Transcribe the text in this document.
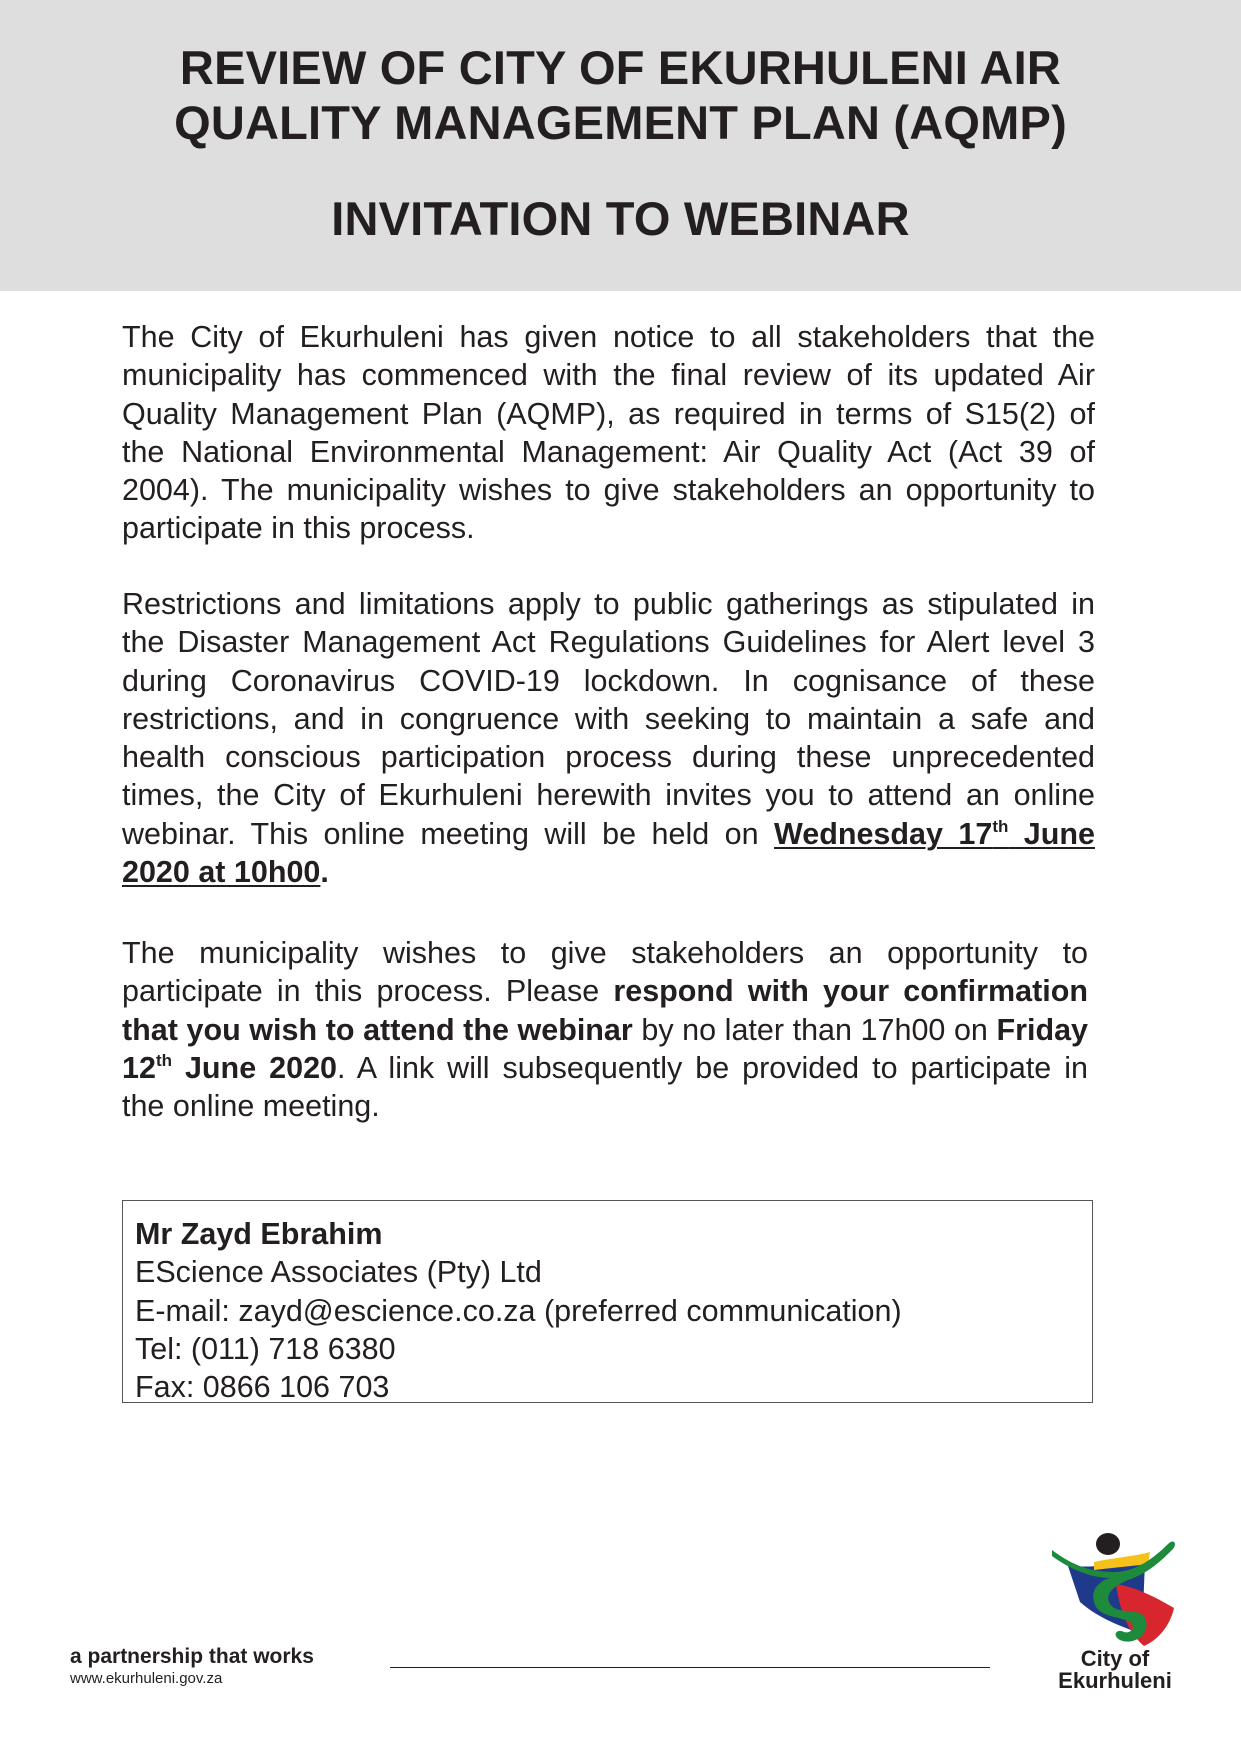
REVIEW OF CITY OF EKURHULENI AIR
QUALITY MANAGEMENT PLAN (AQMP)
INVITATION TO WEBINAR
The City of Ekurhuleni has given notice to all stakeholders that the municipality has commenced with the final review of its updated Air Quality Management Plan (AQMP), as required in terms of S15(2) of the National Environmental Management: Air Quality Act (Act 39 of 2004). The municipality wishes to give stakeholders an opportunity to participate in this process.
Restrictions and limitations apply to public gatherings as stipulated in the Disaster Management Act Regulations Guidelines for Alert level 3 during Coronavirus COVID-19 lockdown. In cognisance of these restrictions, and in congruence with seeking to maintain a safe and health conscious participation process during these unprecedented times, the City of Ekurhuleni herewith invites you to attend an online webinar. This online meeting will be held on Wednesday 17th June 2020 at 10h00.
The municipality wishes to give stakeholders an opportunity to participate in this process. Please respond with your confirmation that you wish to attend the webinar by no later than 17h00 on Friday 12th June 2020. A link will subsequently be provided to participate in the online meeting.
Mr Zayd Ebrahim
EScience Associates (Pty) Ltd
E-mail: zayd@escience.co.za (preferred communication)
Tel: (011) 718 6380
Fax: 0866 106 703
a partnership that works
www.ekurhuleni.gov.za
City of
Ekurhuleni
